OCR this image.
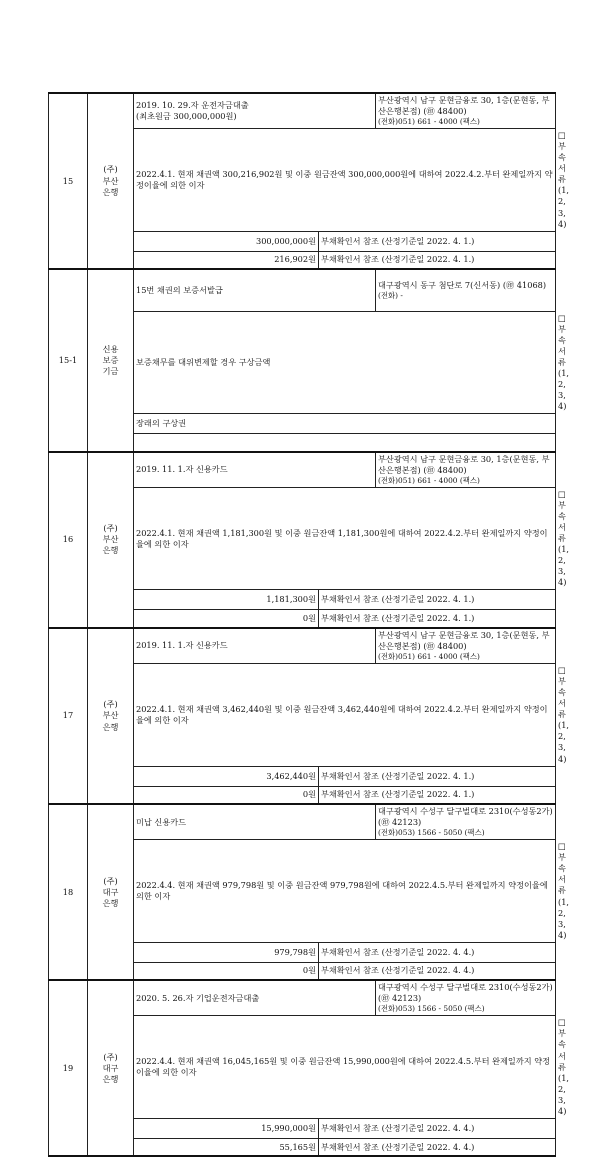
15	(주)
부산
은행	2019. 10. 29.자 운전자금대출
(최초원금 300,000,000원)		부산광역시 남구 문현금융로 30, 1층(문현동, 부산은행본점) (㊞ 48400)
(전화)051) 661 - 4000 (팩스)	

		2022.4.1. 현재 채권액 300,216,902원 및 이중 원금잔액 300,000,000원에 대하여 2022.4.2.부터 완제일까지 약정이율에 의한 이자			□부속서류
(1,2,3,4)
		300,000,000원	부채확인서 참조 (산정기준일 2022. 4. 1.)		
		216,902원	부채확인서 참조 (산정기준일 2022. 4. 1.)		
15-1	신용
보증
기금	15번 채권의 보증서발급		대구광역시 동구 첨단로 7(신서동) (㊞ 41068)
(전화) -	

		보증채무를 대위변제할 경우 구상금액			□부속서류
(1,2,3,4)
		장래의 구상권			

16	(주)
부산
은행	2019. 11. 1.자 신용카드		부산광역시 남구 문현금융로 30, 1층(문현동, 부산은행본점) (㊞ 48400)
(전화)051) 661 - 4000 (팩스)	

		2022.4.1. 현재 채권액 1,181,300원 및 이중 원금잔액 1,181,300원에 대하여 2022.4.2.부터 완제일까지 약정이율에 의한 이자			□부속서류
(1,2,3,4)
		1,181,300원	부채확인서 참조 (산정기준일 2022. 4. 1.)		
		0원	부채확인서 참조 (산정기준일 2022. 4. 1.)		
17	(주)
부산
은행	2019. 11. 1.자 신용카드		부산광역시 남구 문현금융로 30, 1층(문현동, 부산은행본점) (㊞ 48400)
(전화)051) 661 - 4000 (팩스)	

		2022.4.1. 현재 채권액 3,462,440원 및 이중 원금잔액 3,462,440원에 대하여 2022.4.2.부터 완제일까지 약정이율에 의한 이자			□부속서류
(1,2,3,4)
		3,462,440원	부채확인서 참조 (산정기준일 2022. 4. 1.)		
		0원	부채확인서 참조 (산정기준일 2022. 4. 1.)		
18	(주)
대구
은행	미납 신용카드		대구광역시 수성구 달구벌대로 2310(수성동2가) (㊞ 42123)
(전화)053) 1566 - 5050 (팩스)	

		2022.4.4. 현재 채권액 979,798원 및 이중 원금잔액 979,798원에 대하여 2022.4.5.부터 완제일까지 약정이율에 의한 이자			□부속서류
(1,2,3,4)
		979,798원	부채확인서 참조 (산정기준일 2022. 4. 4.)		
		0원	부채확인서 참조 (산정기준일 2022. 4. 4.)		
19	(주)
대구
은행	2020. 5. 26.자 기업운전자금대출		대구광역시 수성구 달구벌대로 2310(수성동2가) (㊞ 42123)
(전화)053) 1566 - 5050 (팩스)	

		2022.4.4. 현재 채권액 16,045,165원 및 이중 원금잔액 15,990,000원에 대하여 2022.4.5.부터 완제일까지 약정이율에 의한 이자			□부속서류
(1,2,3,4)
		15,990,000원	부채확인서 참조 (산정기준일 2022. 4. 4.)		
		55,165원	부채확인서 참조 (산정기준일 2022. 4. 4.)		
